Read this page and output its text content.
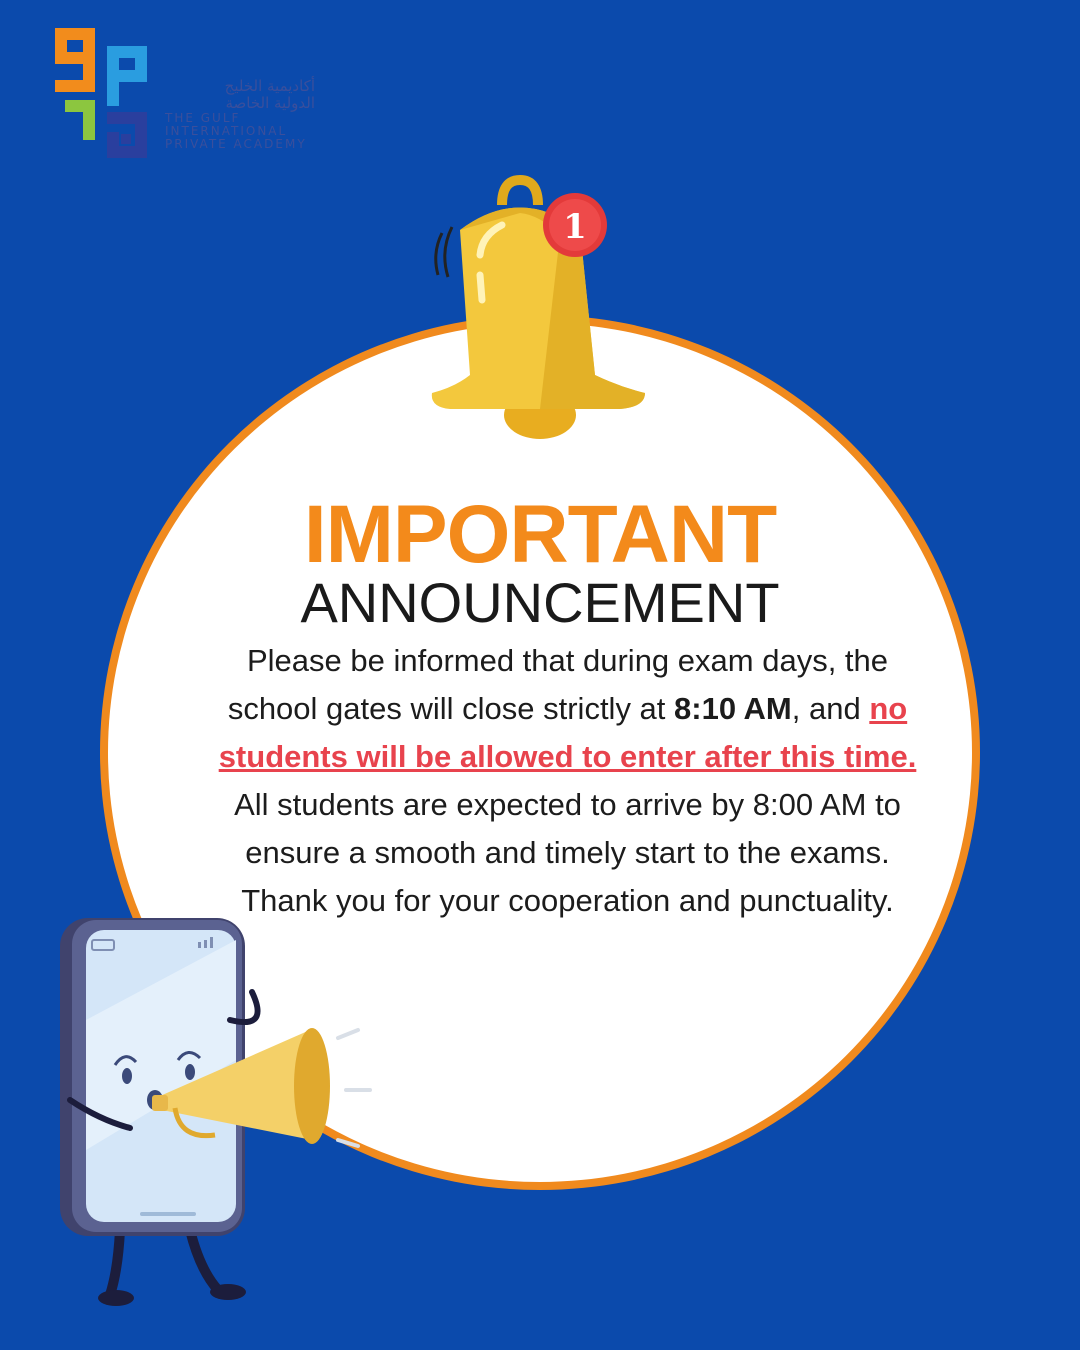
أكاديمية الخليج
الدولية الخاصة
THE GULF
INTERNATIONAL
PRIVATE ACADEMY
1
IMPORTANT
ANNOUNCEMENT
Please be informed that during exam days, the school gates will close strictly at 8:10 AM, and no students will be allowed to enter after this time.
All students are expected to arrive by 8:00 AM to ensure a smooth and timely start to the exams.
Thank you for your cooperation and punctuality.
